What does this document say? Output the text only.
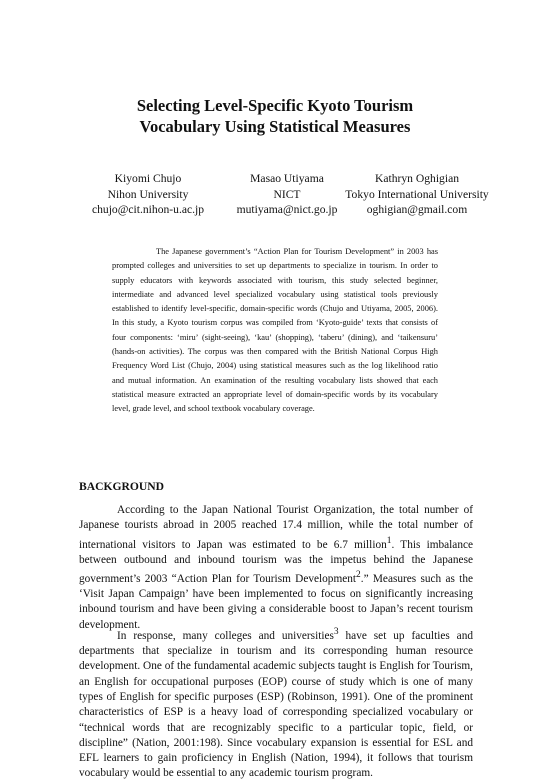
Selecting Level-Specific Kyoto Tourism
Vocabulary Using Statistical Measures
Kiyomi Chujo
Nihon University
chujo@cit.nihon-u.ac.jp
Masao Utiyama
NICT
mutiyama@nict.go.jp
Kathryn Oghigian
Tokyo International University
oghigian@gmail.com

The Japanese government’s “Action Plan for Tourism Development” in 2003 has prompted colleges and universities to set up departments to specialize in tourism. In order to supply educators with keywords associated with tourism, this study selected beginner, intermediate and advanced level specialized vocabulary using statistical tools previously established to identify level-specific, domain-specific words (Chujo and Utiyama, 2005, 2006). In this study, a Kyoto tourism corpus was compiled from ‘Kyoto-guide’ texts that consists of four components: ‘miru’ (sight-seeing), ‘kau’ (shopping), ‘taberu’ (dining), and ‘taikensuru’ (hands-on activities). The corpus was then compared with the British National Corpus High Frequency Word List (Chujo, 2004) using statistical measures such as the log likelihood ratio and mutual information. An examination of the resulting vocabulary lists showed that each statistical measure extracted an appropriate level of domain-specific words by its vocabulary level, grade level, and school textbook vocabulary coverage.

BACKGROUND

According to the Japan National Tourist Organization, the total number of Japanese tourists abroad in 2005 reached 17.4 million, while the total number of international visitors to Japan was estimated to be 6.7 million$^1$. This imbalance between outbound and inbound tourism was the impetus behind the Japanese government’s 2003 “Action Plan for Tourism Development$^2$.” Measures such as the ‘Visit Japan Campaign’ have been implemented to focus on significantly increasing inbound tourism and have been giving a considerable boost to Japan’s recent tourism development.

In response, many colleges and universities$^3$ have set up faculties and departments that specialize in tourism and its corresponding human resource development. One of the fundamental academic subjects taught is English for Tourism, an English for occupational purposes (EOP) course of study which is one of many types of English for specific purposes (ESP) (Robinson, 1991). One of the prominent characteristics of ESP is a heavy load of corresponding specialized vocabulary or “technical words that are recognizably specific to a particular topic, field, or discipline” (Nation, 2001:198). Since vocabulary expansion is essential for ESL and EFL learners to gain proficiency in English (Nation, 1994), it follows that tourism vocabulary would be essential to any academic tourism program.
